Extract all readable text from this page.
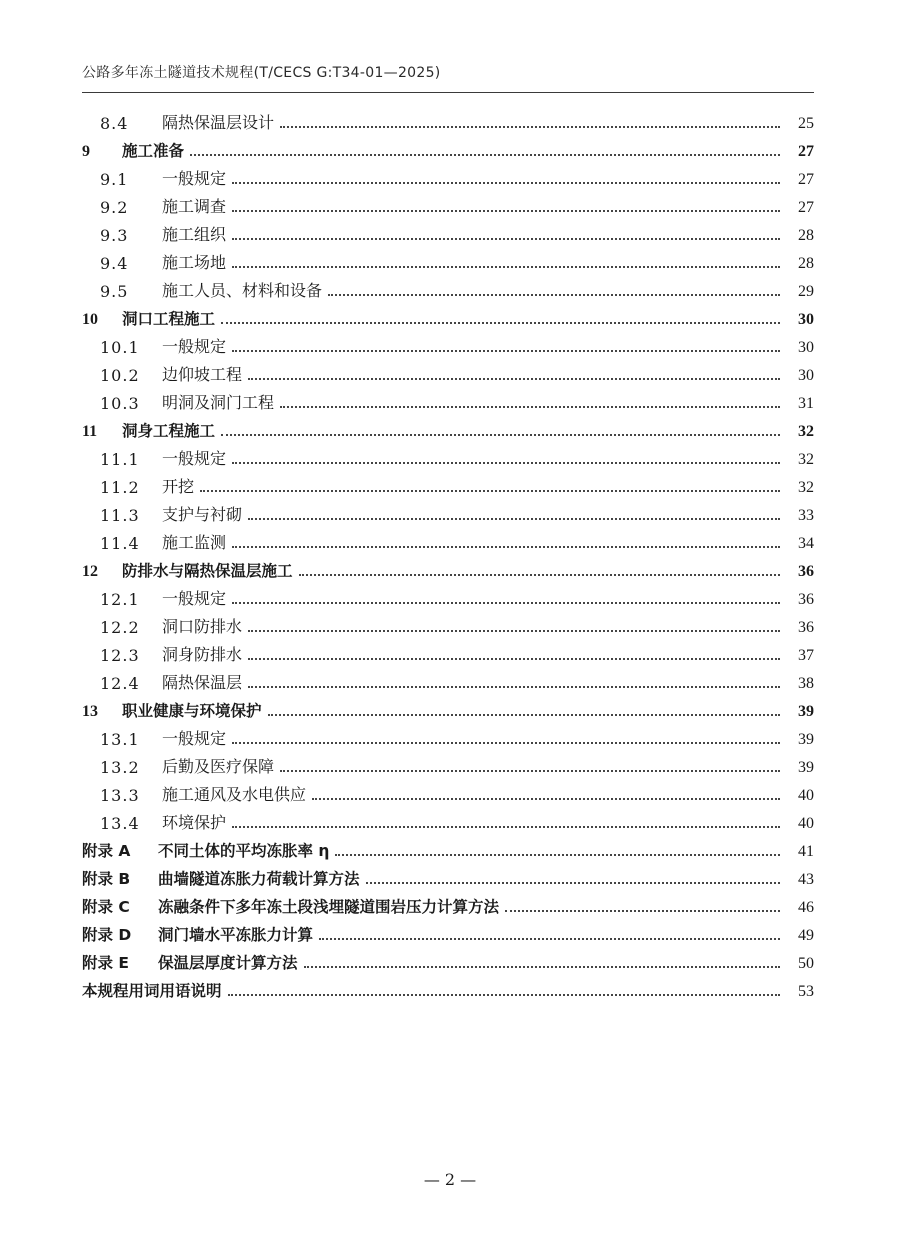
公路多年冻土隧道技术规程(T/CECS G:T34-01—2025)
8.4	隔热保温层设计	25
9	施工准备	27
9.1	一般规定	27
9.2	施工调查	27
9.3	施工组织	28
9.4	施工场地	28
9.5	施工人员、材料和设备	29
10	洞口工程施工	30
10.1	一般规定	30
10.2	边仰坡工程	30
10.3	明洞及洞门工程	31
11	洞身工程施工	32
11.1	一般规定	32
11.2	开挖	32
11.3	支护与衬砌	33
11.4	施工监测	34
12	防排水与隔热保温层施工	36
12.1	一般规定	36
12.2	洞口防排水	36
12.3	洞身防排水	37
12.4	隔热保温层	38
13	职业健康与环境保护	39
13.1	一般规定	39
13.2	后勤及医疗保障	39
13.3	施工通风及水电供应	40
13.4	环境保护	40
附录 A	不同土体的平均冻胀率 η	41
附录 B	曲墙隧道冻胀力荷载计算方法	43
附录 C	冻融条件下多年冻土段浅埋隧道围岩压力计算方法	46
附录 D	洞门墙水平冻胀力计算	49
附录 E	保温层厚度计算方法	50
本规程用词用语说明	53
— 2 —
